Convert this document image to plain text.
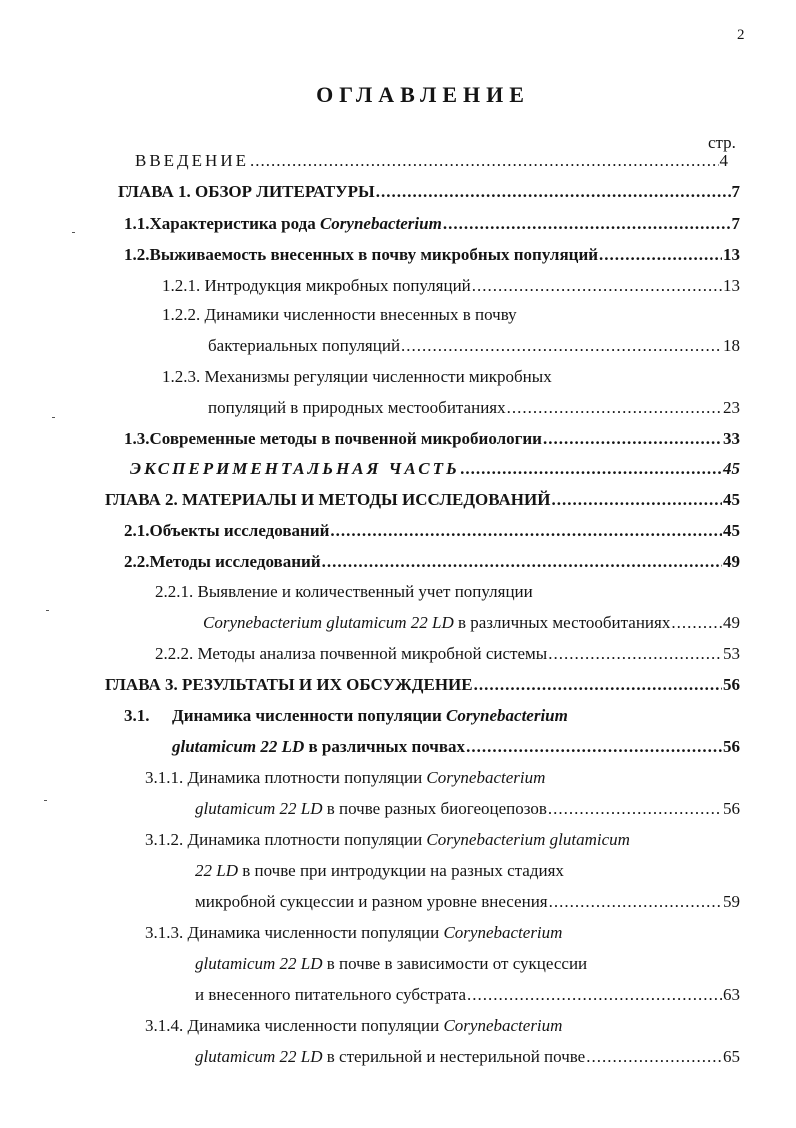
2
ОГЛАВЛЕНИЕ
стр.
ВВЕДЕНИЕ .....	4
ГЛАВА 1. ОБЗОР ЛИТЕРАТУРЫ .....	7
1.1. Характеристика рода Corynebacterium .....	7
1.2. Выживаемость внесенных в почву микробных популяций .....	13
1.2.1. Интродукция микробных популяций .....	13
1.2.2. Динамики численности внесенных в почву
бактериальных популяций .....	18
1.2.3. Механизмы регуляции численности микробных
популяций в природных местообитаниях .....	23
1.3. Современные методы в почвенной микробиологии .....	33
ЭКСПЕРИМЕНТАЛЬНАЯ ЧАСТЬ .....	45
ГЛАВА 2. МАТЕРИАЛЫ И МЕТОДЫ ИССЛЕДОВАНИЙ .....	45
2.1. Объекты исследований .....	45
2.2. Методы исследований .....	49
2.2.1. Выявление и количественный учет популяции
Corynebacterium glutamicum 22 LD в различных местообитаниях .....	49
2.2.2. Методы анализа почвенной микробной системы .....	53
ГЛАВА 3. РЕЗУЛЬТАТЫ И ИХ ОБСУЖДЕНИЕ .....	56
3.1.	Динамика численности популяции Corynebacterium
glutamicum 22 LD в различных почвах .....	56
3.1.1. Динамика плотности популяции Corynebacterium
glutamicum 22 LD в почве разных биогеоцепозов .....	56
3.1.2. Динамика плотности популяции Corynebacterium glutamicum
22 LD в почве при интродукции на разных стадиях
микробной сукцессии и разном уровне внесения .....	59
3.1.3. Динамика численности популяции Corynebacterium
glutamicum 22 LD в почве в зависимости от сукцессии
и внесенного питательного субстрата .....	63
3.1.4. Динамика численности популяции Corynebacterium
glutamicum 22 LD в стерильной и нестерильной почве .....	65
